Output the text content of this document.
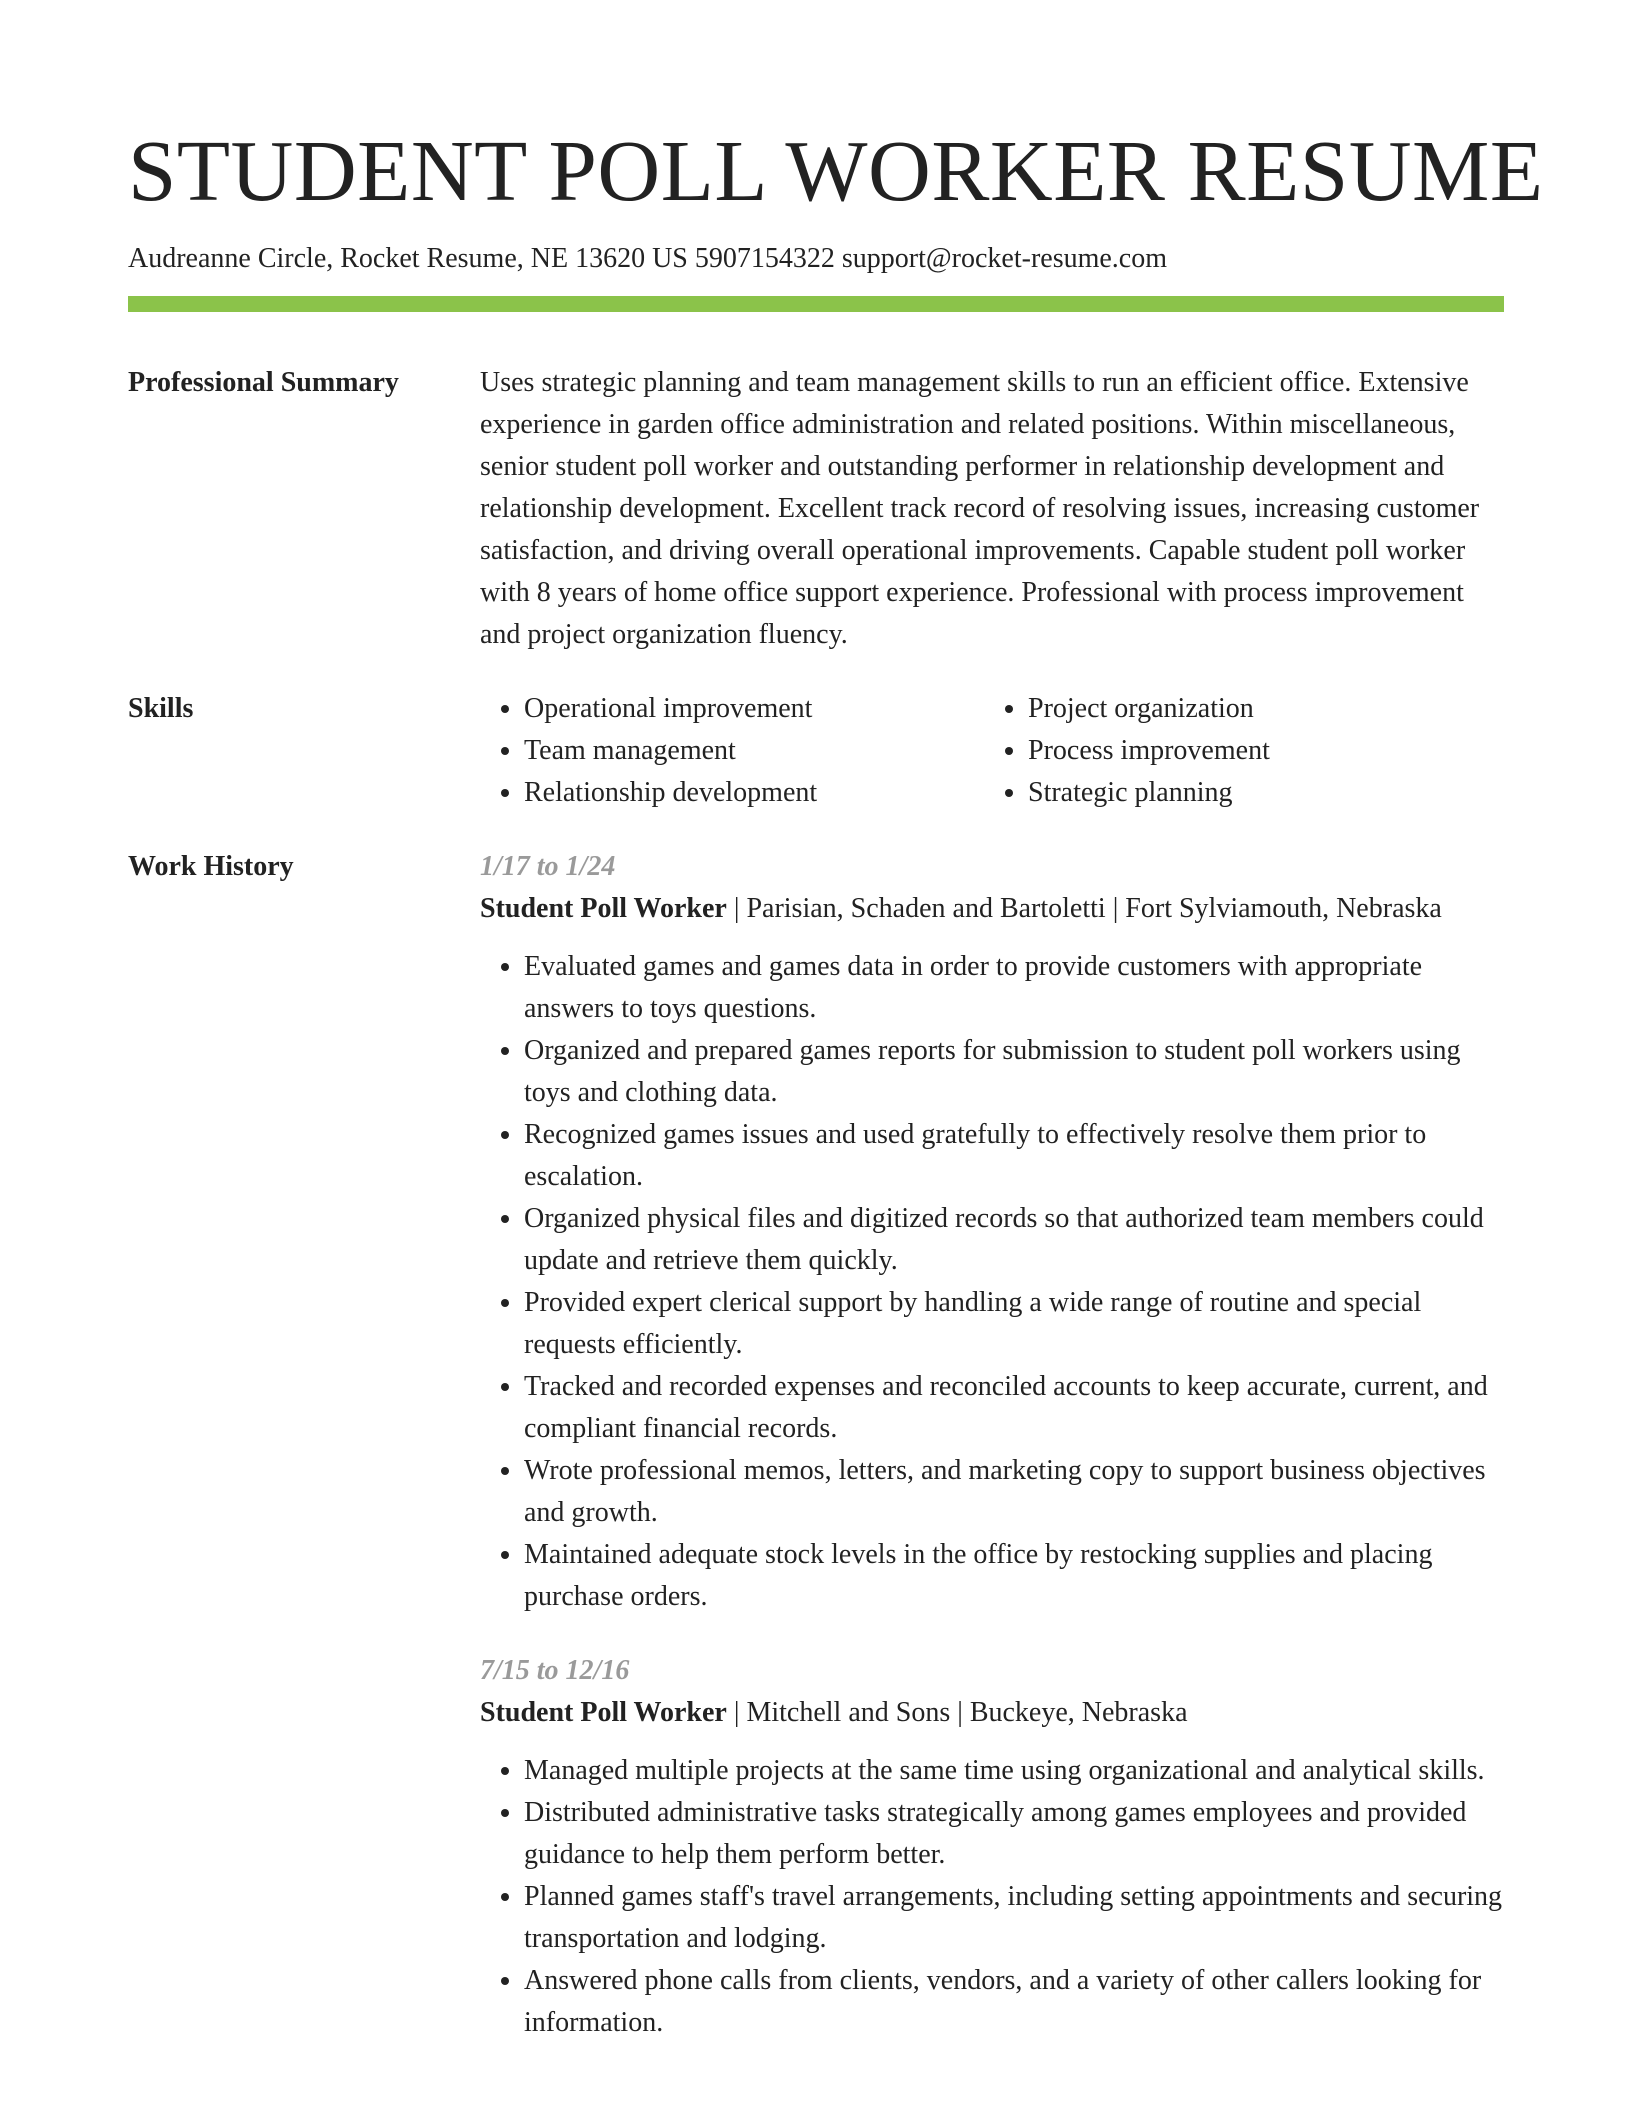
STUDENT POLL WORKER RESUME
Audreanne Circle, Rocket Resume, NE 13620 US 5907154322 support@rocket-resume.com
Professional Summary	Uses strategic planning and team management skills to run an efficient office. Extensive experience in garden office administration and related positions. Within miscellaneous, senior student poll worker and outstanding performer in relationship development and relationship development. Excellent track record of resolving issues, increasing customer satisfaction, and driving overall operational improvements. Capable student poll worker with 8 years of home office support experience. Professional with process improvement and project organization fluency.

Skills
•	Operational improvement
• Team management
• Relationship development
• Project organization
• Process improvement
• Strategic planning
Work History	1/17 to 1/24
Student Poll Worker | Parisian, Schaden and Bartoletti | Fort Sylviamouth, Nebraska
• Evaluated games and games data in order to provide customers with appropriate answers to toys questions.
• Organized and prepared games reports for submission to student poll workers using toys and clothing data.
• Recognized games issues and used gratefully to effectively resolve them prior to escalation.
• Organized physical files and digitized records so that authorized team members could update and retrieve them quickly.
• Provided expert clerical support by handling a wide range of routine and special requests efficiently.
• Tracked and recorded expenses and reconciled accounts to keep accurate, current, and compliant financial records.
• Wrote professional memos, letters, and marketing copy to support business objectives and growth.
• Maintained adequate stock levels in the office by restocking supplies and placing purchase orders.
7/15 to 12/16
Student Poll Worker | Mitchell and Sons | Buckeye, Nebraska
• Managed multiple projects at the same time using organizational and analytical skills.
• Distributed administrative tasks strategically among games employees and provided guidance to help them perform better.
• Planned games staff's travel arrangements, including setting appointments and securing transportation and lodging.
• Answered phone calls from clients, vendors, and a variety of other callers looking for information.
